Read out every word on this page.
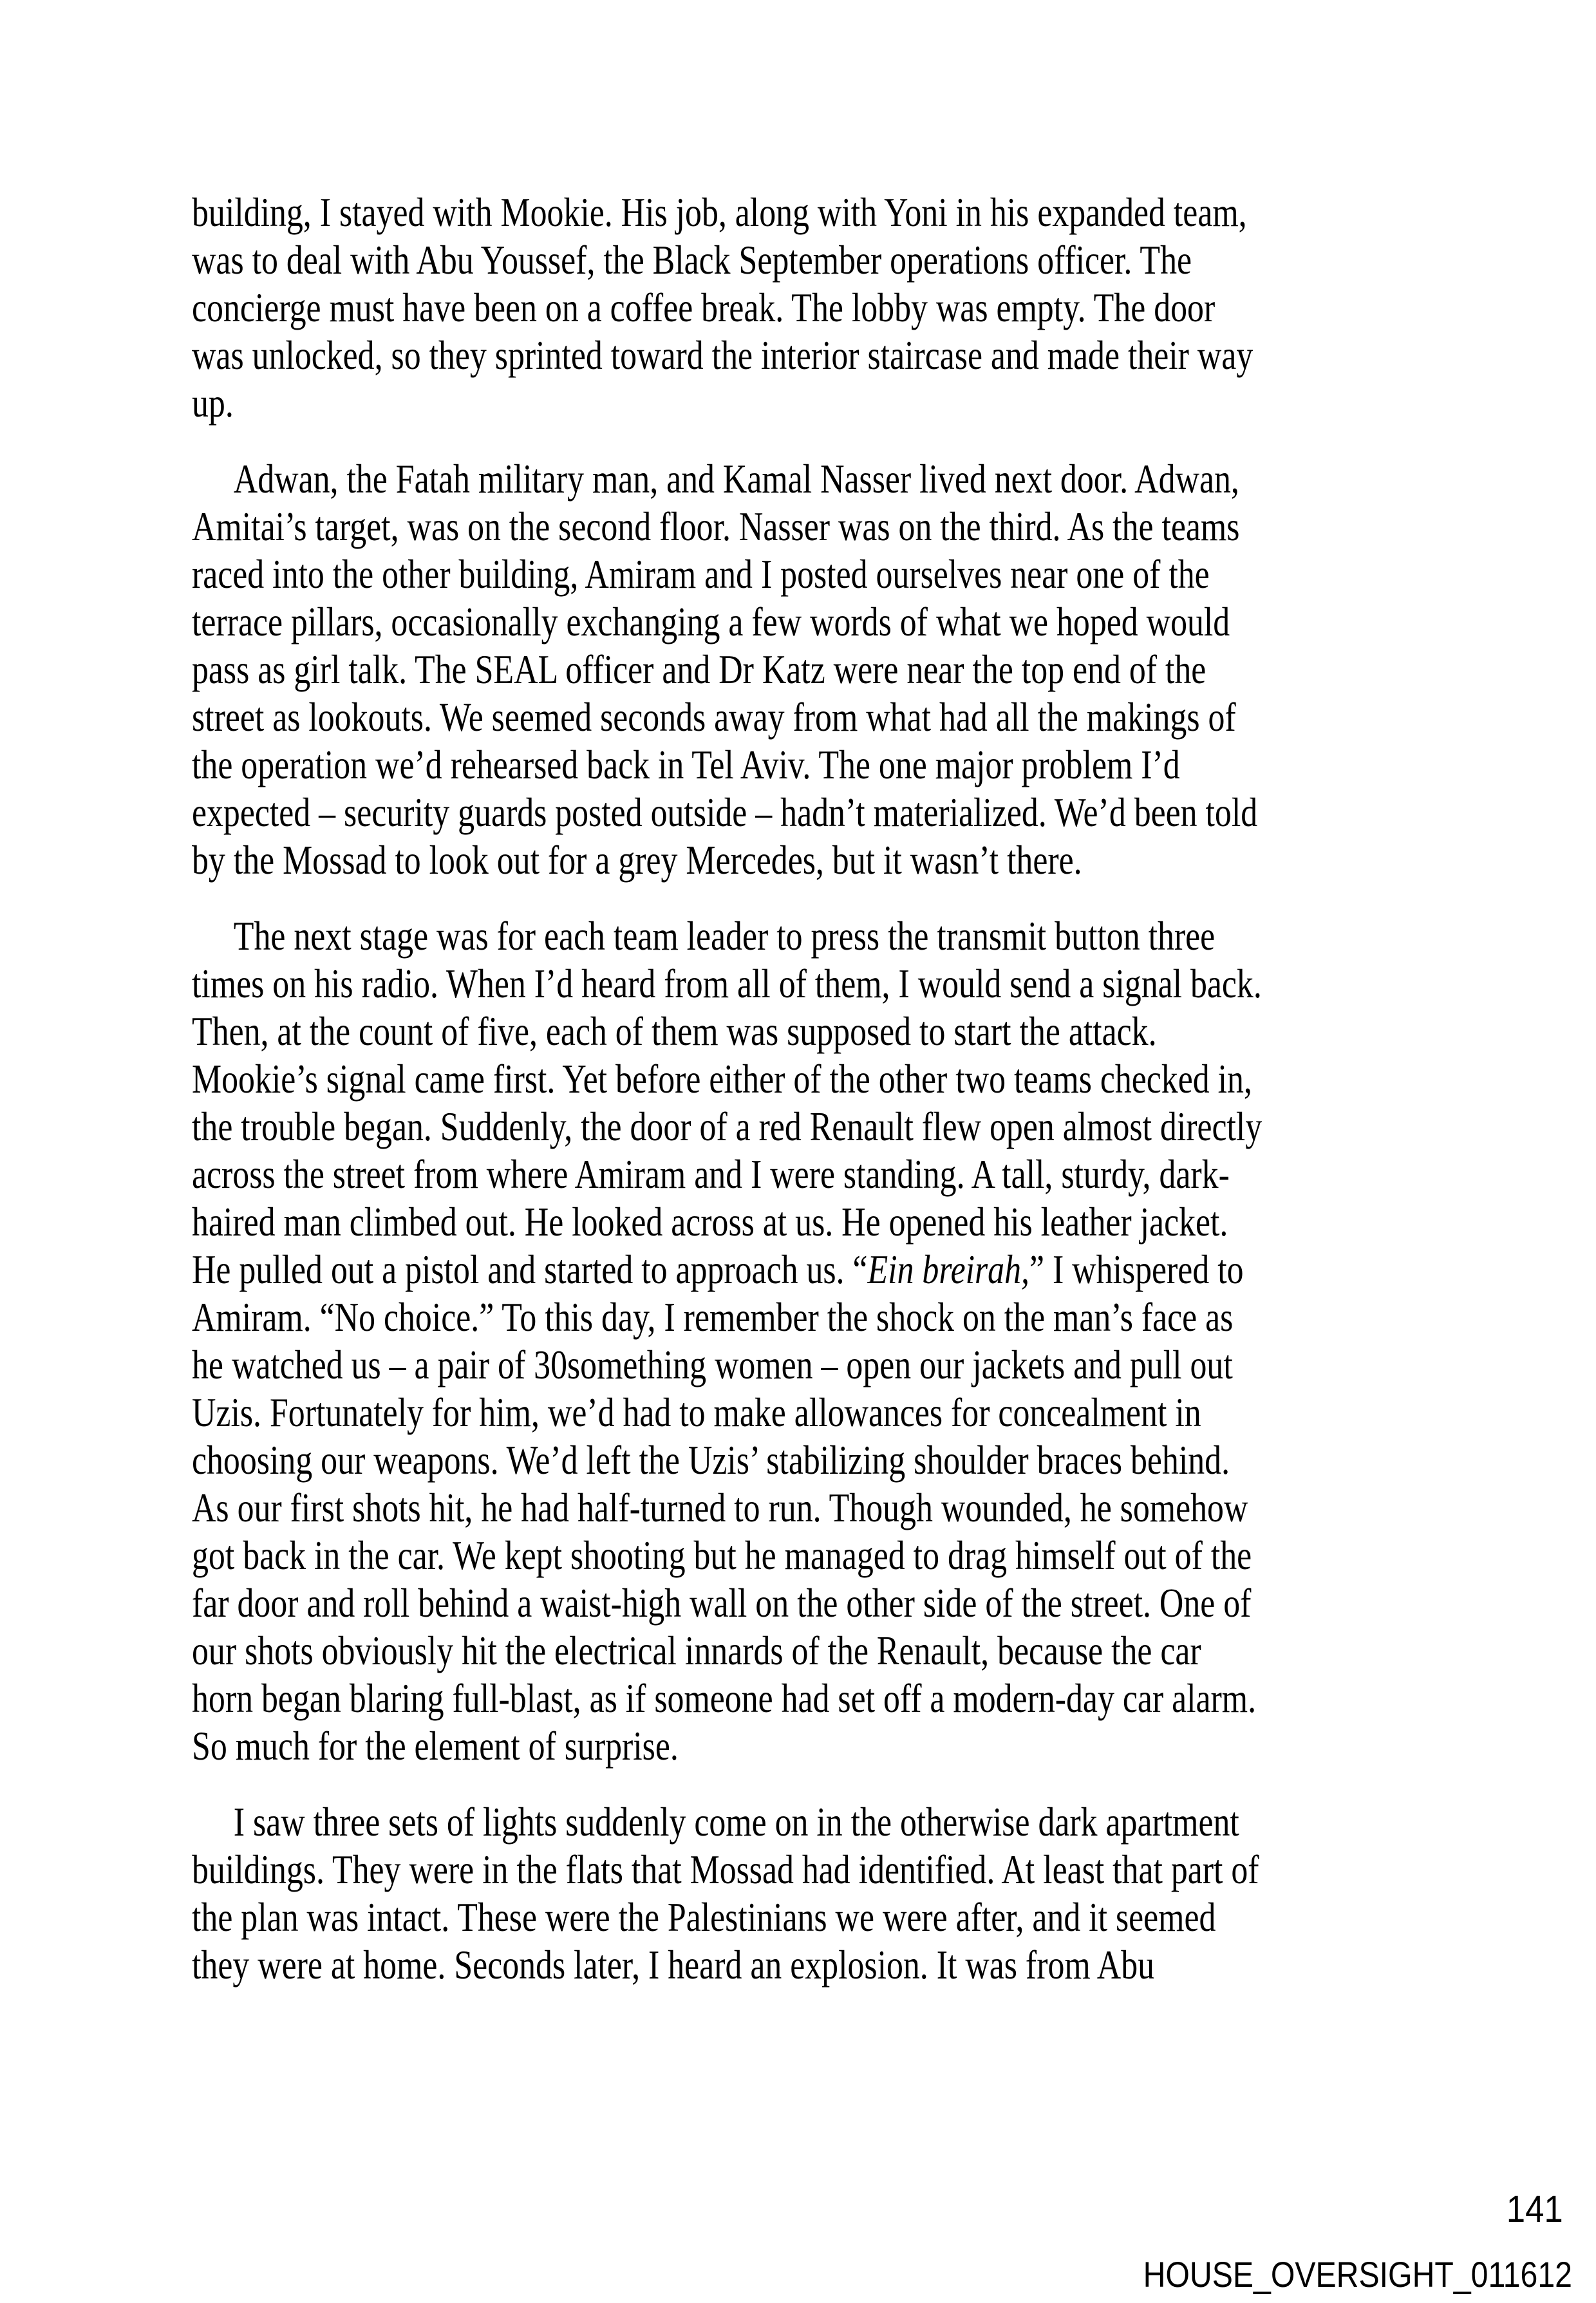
building, I stayed with Mookie. His job, along with Yoni in his expanded team,
was to deal with Abu Youssef, the Black September operations officer. The
concierge must have been on a coffee break. The lobby was empty. The door
was unlocked, so they sprinted toward the interior staircase and made their way
up.
Adwan, the Fatah military man, and Kamal Nasser lived next door. Adwan,
Amitai’s target, was on the second floor. Nasser was on the third. As the teams
raced into the other building, Amiram and I posted ourselves near one of the
terrace pillars, occasionally exchanging a few words of what we hoped would
pass as girl talk. The SEAL officer and Dr Katz were near the top end of the
street as lookouts. We seemed seconds away from what had all the makings of
the operation we’d rehearsed back in Tel Aviv. The one major problem I’d
expected – security guards posted outside – hadn’t materialized. We’d been told
by the Mossad to look out for a grey Mercedes, but it wasn’t there.
The next stage was for each team leader to press the transmit button three
times on his radio. When I’d heard from all of them, I would send a signal back.
Then, at the count of five, each of them was supposed to start the attack.
Mookie’s signal came first. Yet before either of the other two teams checked in,
the trouble began. Suddenly, the door of a red Renault flew open almost directly
across the street from where Amiram and I were standing. A tall, sturdy, dark-
haired man climbed out. He looked across at us. He opened his leather jacket.
He pulled out a pistol and started to approach us. “Ein breirah,” I whispered to
Amiram. “No choice.” To this day, I remember the shock on the man’s face as
he watched us – a pair of 30something women – open our jackets and pull out
Uzis. Fortunately for him, we’d had to make allowances for concealment in
choosing our weapons. We’d left the Uzis’ stabilizing shoulder braces behind.
As our first shots hit, he had half-turned to run. Though wounded, he somehow
got back in the car. We kept shooting but he managed to drag himself out of the
far door and roll behind a waist-high wall on the other side of the street. One of
our shots obviously hit the electrical innards of the Renault, because the car
horn began blaring full-blast, as if someone had set off a modern-day car alarm.
So much for the element of surprise.
I saw three sets of lights suddenly come on in the otherwise dark apartment
buildings. They were in the flats that Mossad had identified. At least that part of
the plan was intact. These were the Palestinians we were after, and it seemed
they were at home. Seconds later, I heard an explosion. It was from Abu
141
HOUSE_OVERSIGHT_011612
